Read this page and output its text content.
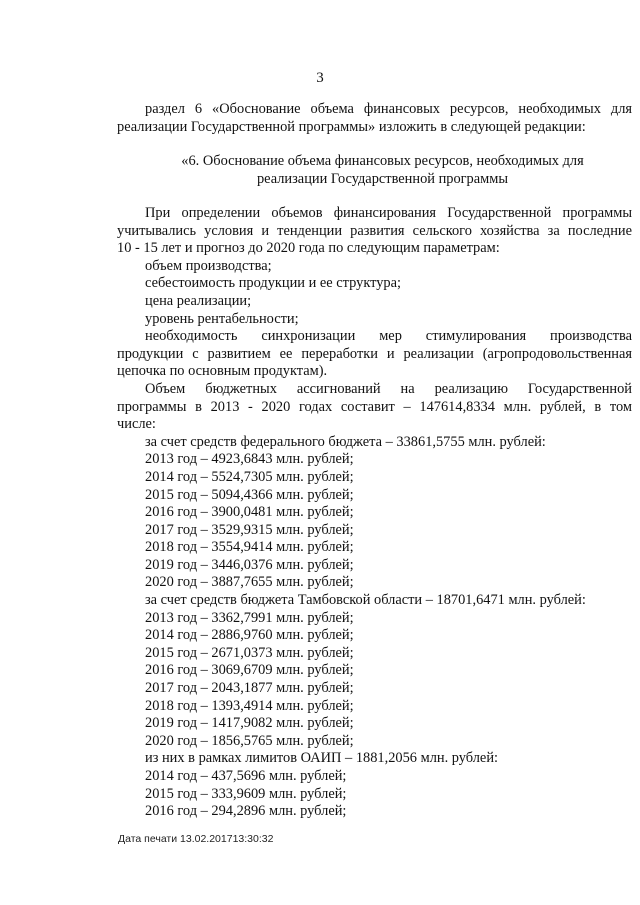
3
раздел 6 «Обоснование объема финансовых ресурсов, необходимых для
реализации Государственной программы» изложить в следующей редакции:
«6. Обоснование объема финансовых ресурсов, необходимых для
реализации Государственной программы
При определении объемов финансирования Государственной программы
учитывались условия и тенденции развития сельского хозяйства за последние
10 - 15 лет и прогноз до 2020 года по следующим параметрам:
объем производства;
себестоимость продукции и ее структура;
цена реализации;
уровень рентабельности;
необходимость синхронизации мер стимулирования производства
продукции с развитием ее переработки и реализации (агропродовольственная
цепочка по основным продуктам).
Объем бюджетных ассигнований на реализацию Государственной
программы в 2013 - 2020 годах составит – 147614,8334 млн. рублей, в том
числе:
за счет средств федерального бюджета – 33861,5755 млн. рублей:
2013 год – 4923,6843 млн. рублей;
2014 год – 5524,7305 млн. рублей;
2015 год – 5094,4366 млн. рублей;
2016 год – 3900,0481 млн. рублей;
2017 год – 3529,9315 млн. рублей;
2018 год – 3554,9414 млн. рублей;
2019 год – 3446,0376 млн. рублей;
2020 год – 3887,7655 млн. рублей;
за счет средств бюджета Тамбовской области – 18701,6471 млн. рублей:
2013 год – 3362,7991 млн. рублей;
2014 год – 2886,9760 млн. рублей;
2015 год – 2671,0373 млн. рублей;
2016 год – 3069,6709 млн. рублей;
2017 год – 2043,1877 млн. рублей;
2018 год – 1393,4914 млн. рублей;
2019 год – 1417,9082 млн. рублей;
2020 год – 1856,5765 млн. рублей;
из них в рамках лимитов ОАИП – 1881,2056 млн. рублей:
2014 год – 437,5696 млн. рублей;
2015 год – 333,9609 млн. рублей;
2016 год – 294,2896 млн. рублей;
Дата печати 13.02.201713:30:32
